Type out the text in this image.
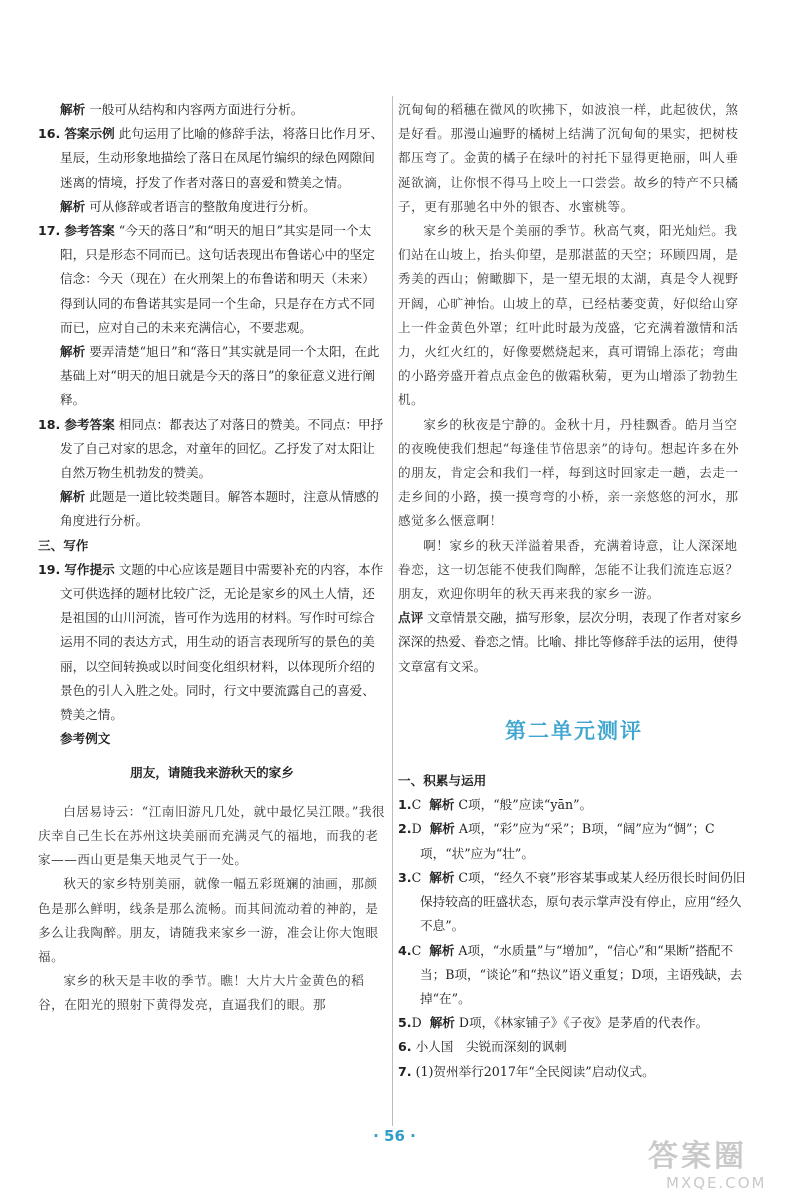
解析 一般可从结构和内容两方面进行分析。

16. 答案示例 此句运用了比喻的修辞手法，将落日比作月牙、星辰，生动形象地描绘了落日在凤尾竹编织的绿色网隙间迷离的情境，抒发了作者对落日的喜爱和赞美之情。

解析 可从修辞或者语言的整散角度进行分析。

17. 参考答案 “今天的落日”和“明天的旭日”其实是同一个太阳，只是形态不同而已。这句话表现出布鲁诺心中的坚定信念：今天（现在）在火刑架上的布鲁诺和明天（未来）得到认同的布鲁诺其实是同一个生命，只是存在方式不同而已，应对自己的未来充满信心，不要悲观。

解析 要弄清楚“旭日”和“落日”其实就是同一个太阳，在此基础上对“明天的旭日就是今天的落日”的象征意义进行阐释。

18. 参考答案 相同点：都表达了对落日的赞美。不同点：甲抒发了自己对家的思念，对童年的回忆。乙抒发了对太阳让自然万物生机勃发的赞美。

解析 此题是一道比较类题目。解答本题时，注意从情感的角度进行分析。

三、写作

19. 写作提示 文题的中心应该是题目中需要补充的内容，本作文可供选择的题材比较广泛，无论是家乡的风土人情，还是祖国的山川河流，皆可作为选用的材料。写作时可综合运用不同的表达方式，用生动的语言表现所写的景色的美丽，以空间转换或以时间变化组织材料，以体现所介绍的景色的引人入胜之处。同时，行文中要流露自己的喜爱、赞美之情。

参考例文

朋友，请随我来游秋天的家乡

白居易诗云：“江南旧游凡几处，就中最忆吴江隈。”我很庆幸自己生长在苏州这块美丽而充满灵气的福地，而我的老家——西山更是集天地灵气于一处。

秋天的家乡特别美丽，就像一幅五彩斑斓的油画，那颜色是那么鲜明，线条是那么流畅。而其间流动着的神韵，是多么让我陶醉。朋友，请随我来家乡一游，准会让你大饱眼福。

家乡的秋天是丰收的季节。瞧！大片大片金黄色的稻谷，在阳光的照射下黄得发亮，直逼我们的眼。那

沉甸甸的稻穗在微风的吹拂下，如波浪一样，此起彼伏，煞是好看。那漫山遍野的橘树上结满了沉甸甸的果实，把树枝都压弯了。金黄的橘子在绿叶的衬托下显得更艳丽，叫人垂涎欲滴，让你恨不得马上咬上一口尝尝。故乡的特产不只橘子，更有那驰名中外的银杏、水蜜桃等。

家乡的秋天是个美丽的季节。秋高气爽，阳光灿烂。我们站在山坡上，抬头仰望，是那湛蓝的天空；环顾四周，是秀美的西山；俯瞰脚下，是一望无垠的太湖，真是令人视野开阔，心旷神怡。山坡上的草，已经枯萎变黄，好似给山穿上一件金黄色外罩；红叶此时最为茂盛，它充满着激情和活力，火红火红的，好像要燃烧起来，真可谓锦上添花；弯曲的小路旁盛开着点点金色的傲霜秋菊，更为山增添了勃勃生机。

家乡的秋夜是宁静的。金秋十月，丹桂飘香。皓月当空的夜晚使我们想起“每逢佳节倍思亲”的诗句。想起许多在外的朋友，肯定会和我们一样，每到这时回家走一趟，去走一走乡间的小路，摸一摸弯弯的小桥，亲一亲悠悠的河水，那感觉多么惬意啊！

啊！家乡的秋天洋溢着果香，充满着诗意，让人深深地眷恋，这一切怎能不使我们陶醉，怎能不让我们流连忘返？朋友，欢迎你明年的秋天再来我的家乡一游。

点评 文章情景交融，描写形象，层次分明，表现了作者对家乡深深的热爱、眷恋之情。比喻、排比等修辞手法的运用，使得文章富有文采。

第二单元测评

一、积累与运用

1.C 解析 C项，“般”应读“yān”。

2.D 解析 A项，“彩”应为“采”；B项，“阔”应为“惆”；C项，“状”应为“壮”。

3.C 解析 C项，“经久不衰”形容某事或某人经历很长时间仍旧保持较高的旺盛状态，原句表示掌声没有停止，应用“经久不息”。

4.C 解析 A项，“水质量”与“增加”，“信心”和“果断”搭配不当；B项，“谈论”和“热议”语义重复；D项，主语残缺，去掉“在”。

5.D 解析 D项，《林家铺子》《子夜》是茅盾的代表作。

6. 小人国　尖锐而深刻的讽刺

7. (1)贺州举行2017年“全民阅读”启动仪式。

· 56 ·
答案圈
MXQE.COM
